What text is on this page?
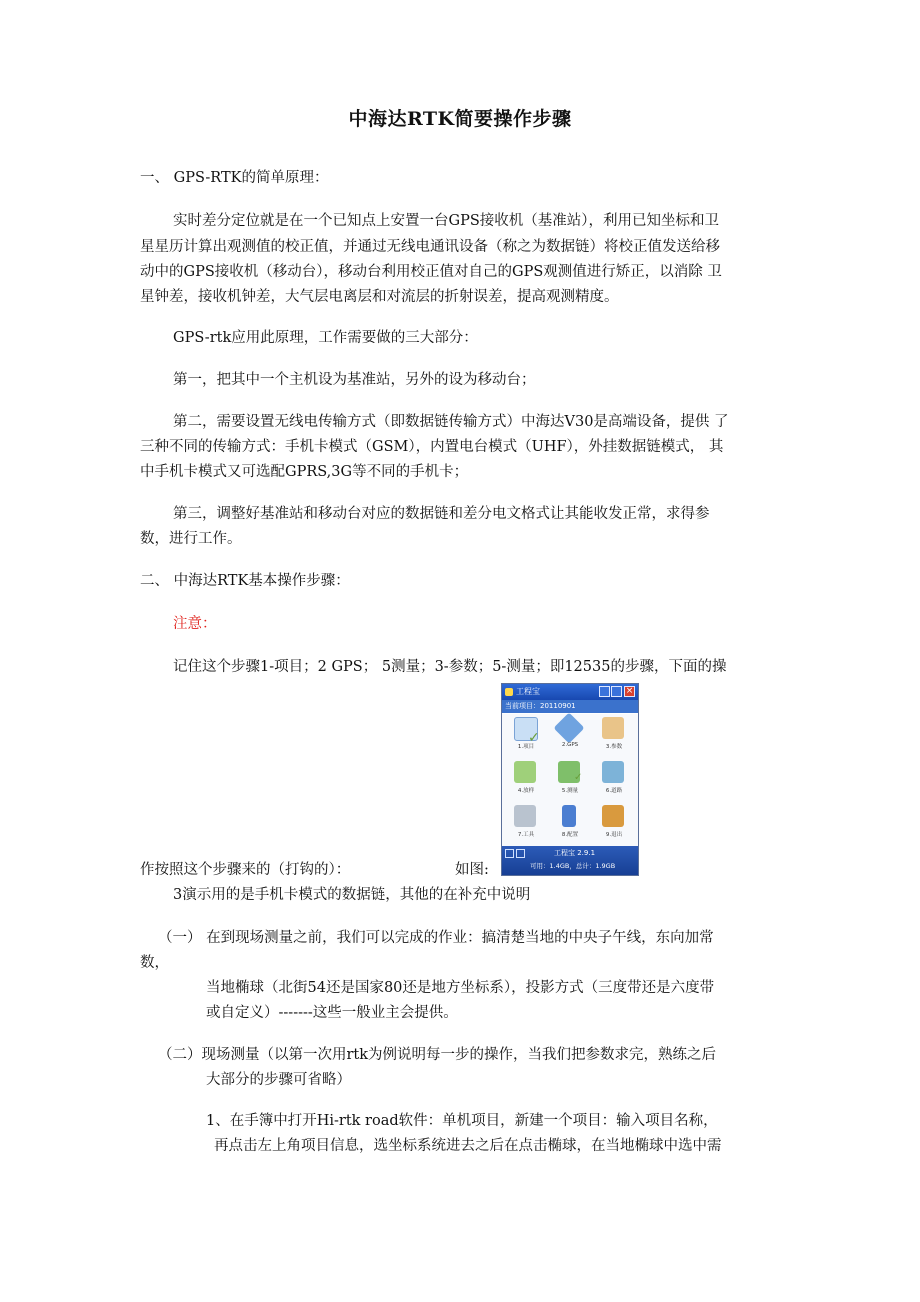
中海达RTK简要操作步骤
一、 GPS-RTK的简单原理：
实时差分定位就是在一个已知点上安置一台GPS接收机（基准站），利用已知坐标和卫
星星历计算出观测值的校正值，并通过无线电通讯设备（称之为数据链）将校正值发送给移
动中的GPS接收机（移动台），移动台利用校正值对自己的GPS观测值进行矫正，以消除 卫
星钟差，接收机钟差，大气层电离层和对流层的折射误差，提高观测精度。
GPS-rtk应用此原理，工作需要做的三大部分：
第一，把其中一个主机设为基准站，另外的设为移动台；
第二，需要设置无线电传输方式（即数据链传输方式）中海达V30是高端设备，提供 了
三种不同的传输方式：手机卡模式（GSM），内置电台模式（UHF），外挂数据链模式， 其
中手机卡模式又可选配GPRS,3G等不同的手机卡；
第三，调整好基准站和移动台对应的数据链和差分电文格式让其能收发正常，求得参
数，进行工作。
二、 中海达RTK基本操作步骤：
注意：
记住这个步骤1-项目；2 GPS； 5测量；3-参数；5-测量；即12535的步骤，下面的操
作按照这个步骤来的（打钩的）：	如图:
工程宝	×
当前项目：20110901
✓
1.项目	2.GPS	3.参数
4.放样
✓
5.测量	6.道路
7.工具	8.配置	9.退出
工程宝 2.9.1
可用：1.4GB，总计：1.9GB
3演示用的是手机卡模式的数据链，其他的在补充中说明
（一） 在到现场测量之前，我们可以完成的作业：搞清楚当地的中央子午线，东向加常
数，
当地椭球（北街54还是国家80还是地方坐标系），投影方式（三度带还是六度带
或自定义）-------这些一般业主会提供。
（二）现场测量（以第一次用rtk为例说明每一步的操作，当我们把参数求完，熟练之后
大部分的步骤可省略）
1、在手簿中打开Hi-rtk road软件：单机项目，新建一个项目：输入项目名称，
再点击左上角项目信息，选坐标系统进去之后在点击椭球，在当地椭球中选中需
